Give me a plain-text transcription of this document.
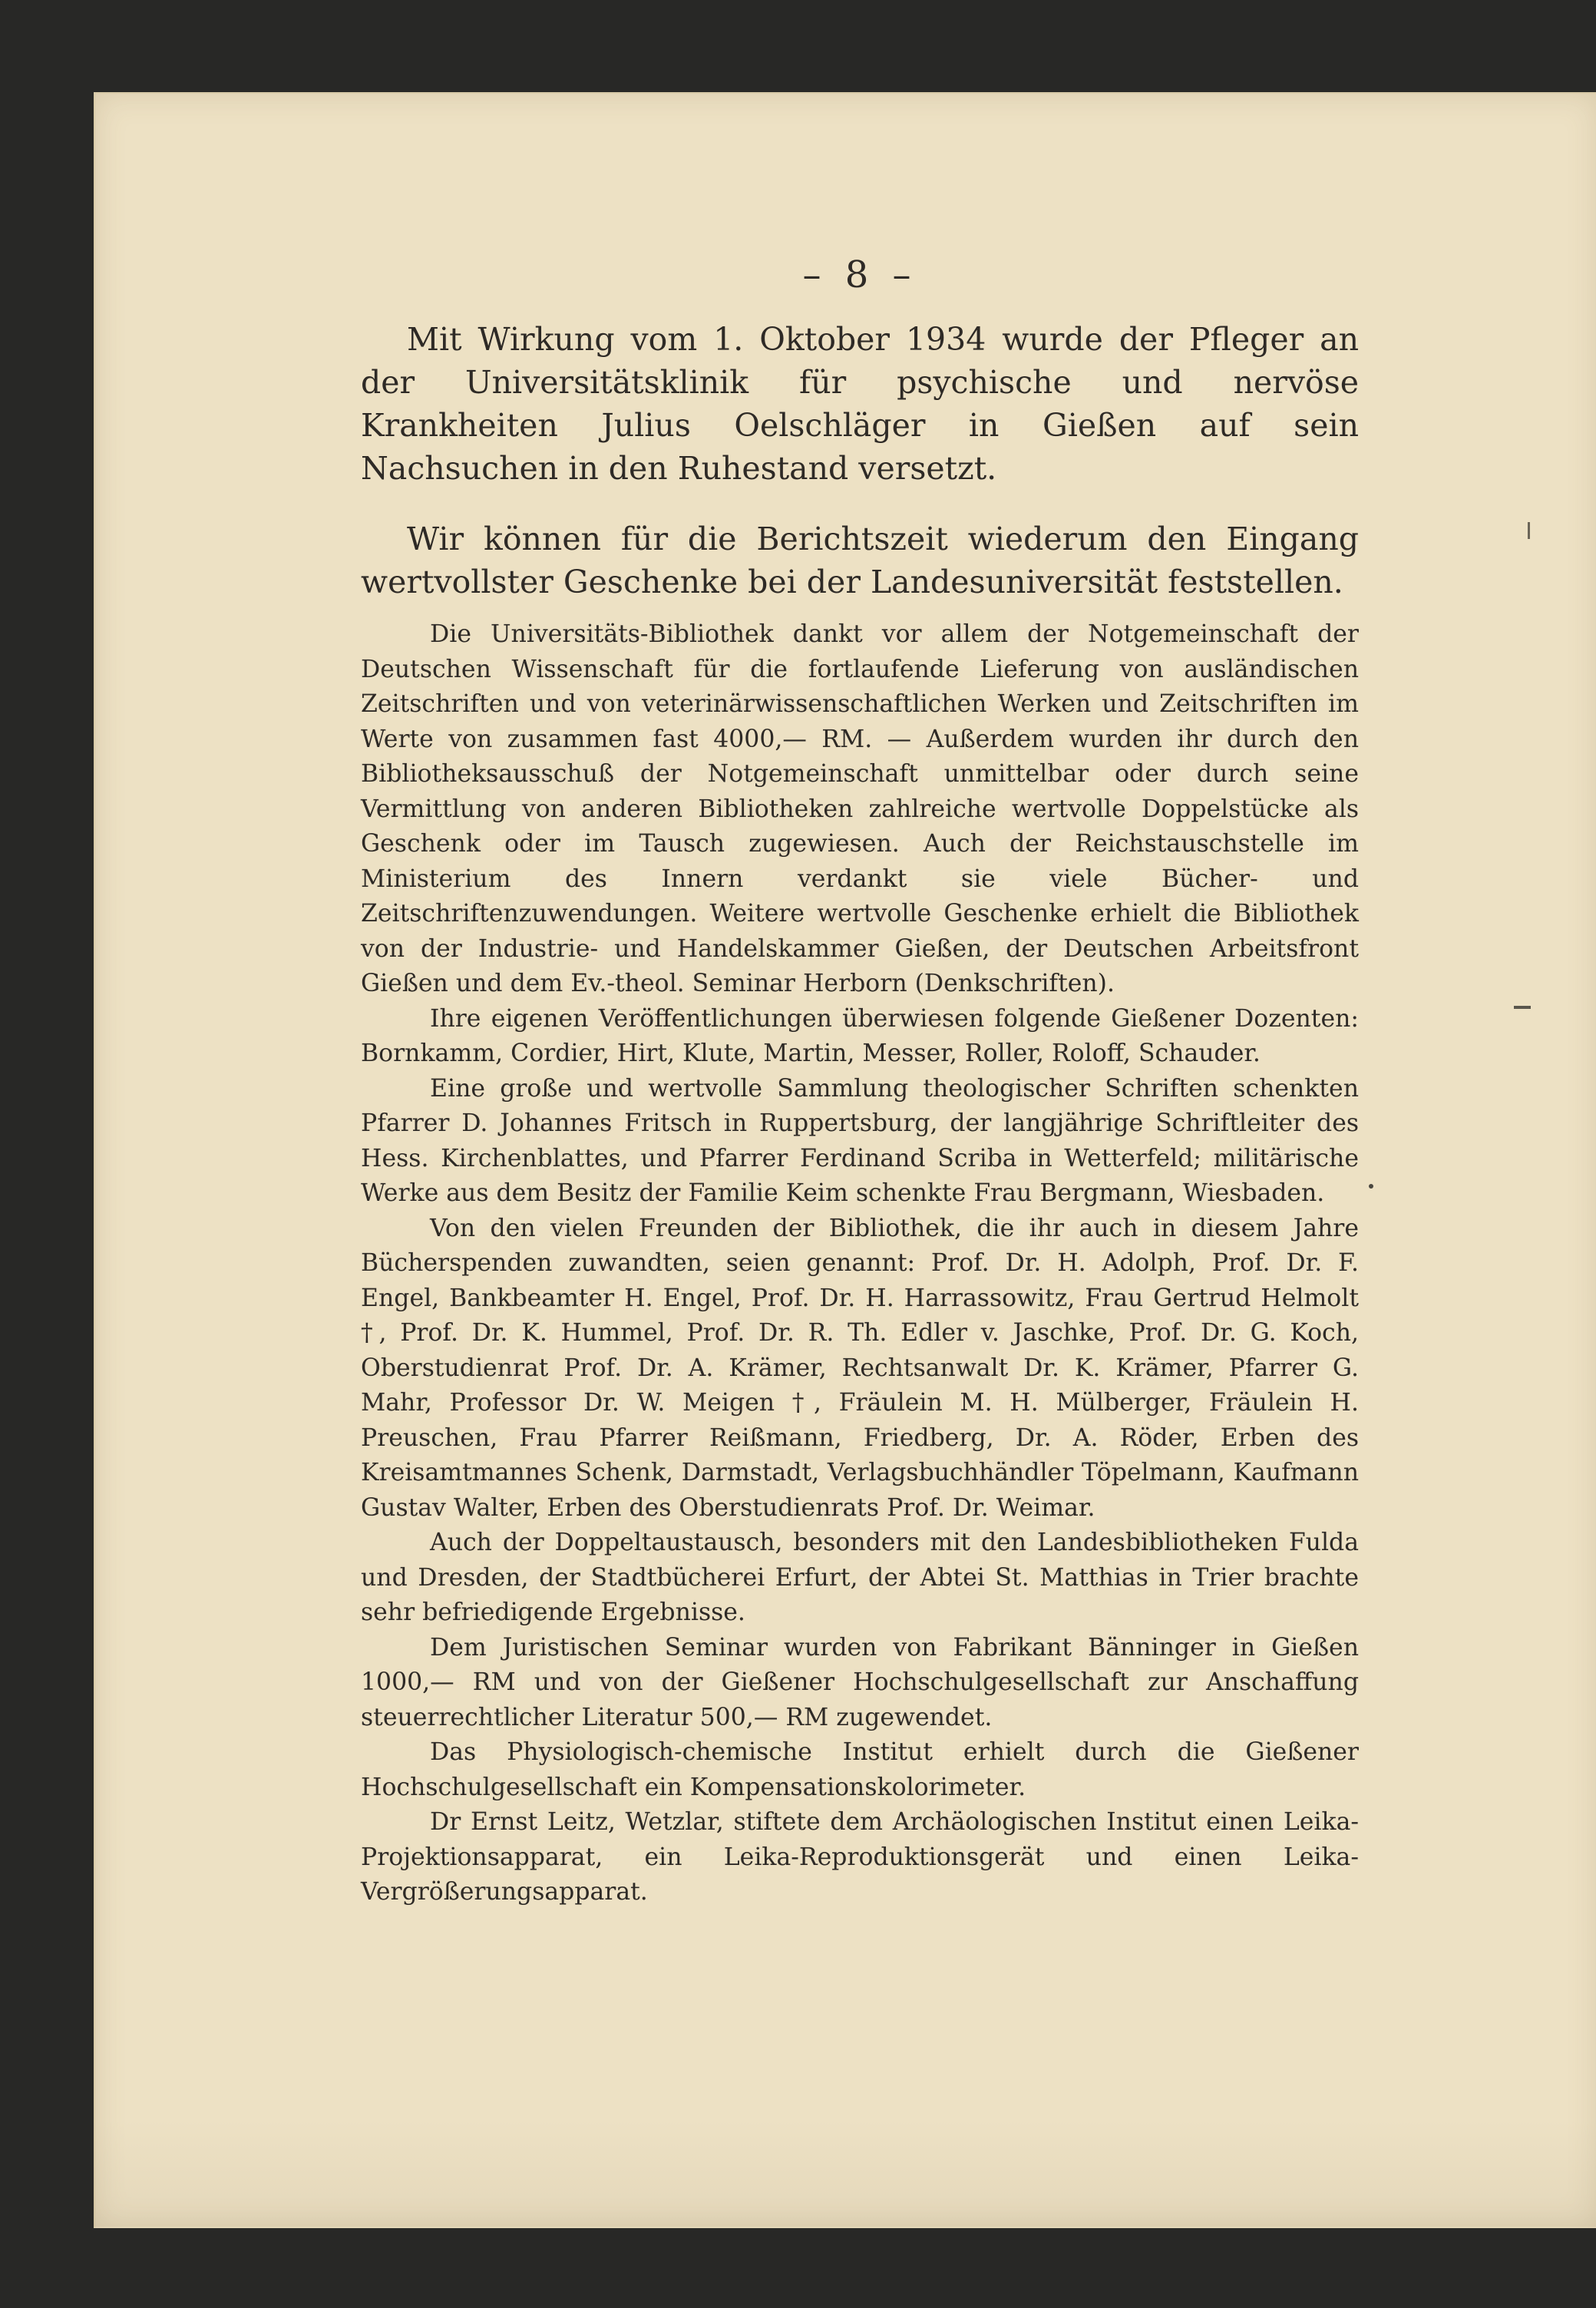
– 8 –

Mit Wirkung vom 1. Oktober 1934 wurde der Pfleger an der Universitätsklinik für psychische und nervöse Krankheiten Julius Oelschläger in Gießen auf sein Nachsuchen in den Ruhestand versetzt.

Wir können für die Berichtszeit wiederum den Eingang wertvollster Geschenke bei der Landesuniversität feststellen.

Die Universitäts-Bibliothek dankt vor allem der Notgemeinschaft der Deutschen Wissenschaft für die fortlaufende Lieferung von ausländischen Zeitschriften und von veterinärwissenschaftlichen Werken und Zeitschriften im Werte von zusammen fast 4000,— RM. — Außerdem wurden ihr durch den Bibliotheksausschuß der Notgemeinschaft unmittelbar oder durch seine Vermittlung von anderen Bibliotheken zahlreiche wertvolle Doppelstücke als Geschenk oder im Tausch zugewiesen. Auch der Reichstauschstelle im Ministerium des Innern verdankt sie viele Bücher- und Zeitschriftenzuwendungen. Weitere wertvolle Geschenke erhielt die Bibliothek von der Industrie- und Handelskammer Gießen, der Deutschen Arbeitsfront Gießen und dem Ev.-theol. Seminar Herborn (Denkschriften).

Ihre eigenen Veröffentlichungen überwiesen folgende Gießener Dozenten: Bornkamm, Cordier, Hirt, Klute, Martin, Messer, Roller, Roloff, Schauder.

Eine große und wertvolle Sammlung theologischer Schriften schenkten Pfarrer D. Johannes Fritsch in Ruppertsburg, der langjährige Schriftleiter des Hess. Kirchenblattes, und Pfarrer Ferdinand Scriba in Wetterfeld; militärische Werke aus dem Besitz der Familie Keim schenkte Frau Bergmann, Wiesbaden.

Von den vielen Freunden der Bibliothek, die ihr auch in diesem Jahre Bücherspenden zuwandten, seien genannt: Prof. Dr. H. Adolph, Prof. Dr. F. Engel, Bankbeamter H. Engel, Prof. Dr. H. Harrassowitz, Frau Gertrud Helmolt †, Prof. Dr. K. Hummel, Prof. Dr. R. Th. Edler v. Jaschke, Prof. Dr. G. Koch, Oberstudienrat Prof. Dr. A. Krämer, Rechtsanwalt Dr. K. Krämer, Pfarrer G. Mahr, Professor Dr. W. Meigen †, Fräulein M. H. Mülberger, Fräulein H. Preuschen, Frau Pfarrer Reißmann, Friedberg, Dr. A. Röder, Erben des Kreisamtmannes Schenk, Darmstadt, Verlagsbuchhändler Töpelmann, Kaufmann Gustav Walter, Erben des Oberstudienrats Prof. Dr. Weimar.

Auch der Doppeltaustausch, besonders mit den Landesbibliotheken Fulda und Dresden, der Stadtbücherei Erfurt, der Abtei St. Matthias in Trier brachte sehr befriedigende Ergebnisse.

Dem Juristischen Seminar wurden von Fabrikant Bänninger in Gießen 1000,— RM und von der Gießener Hochschulgesellschaft zur Anschaffung steuerrechtlicher Literatur 500,— RM zugewendet.

Das Physiologisch-chemische Institut erhielt durch die Gießener Hochschulgesellschaft ein Kompensationskolorimeter.

Dr Ernst Leitz, Wetzlar, stiftete dem Archäologischen Institut einen Leika-Projektionsapparat, ein Leika-Reproduktionsgerät und einen Leika-Vergrößerungsapparat.
